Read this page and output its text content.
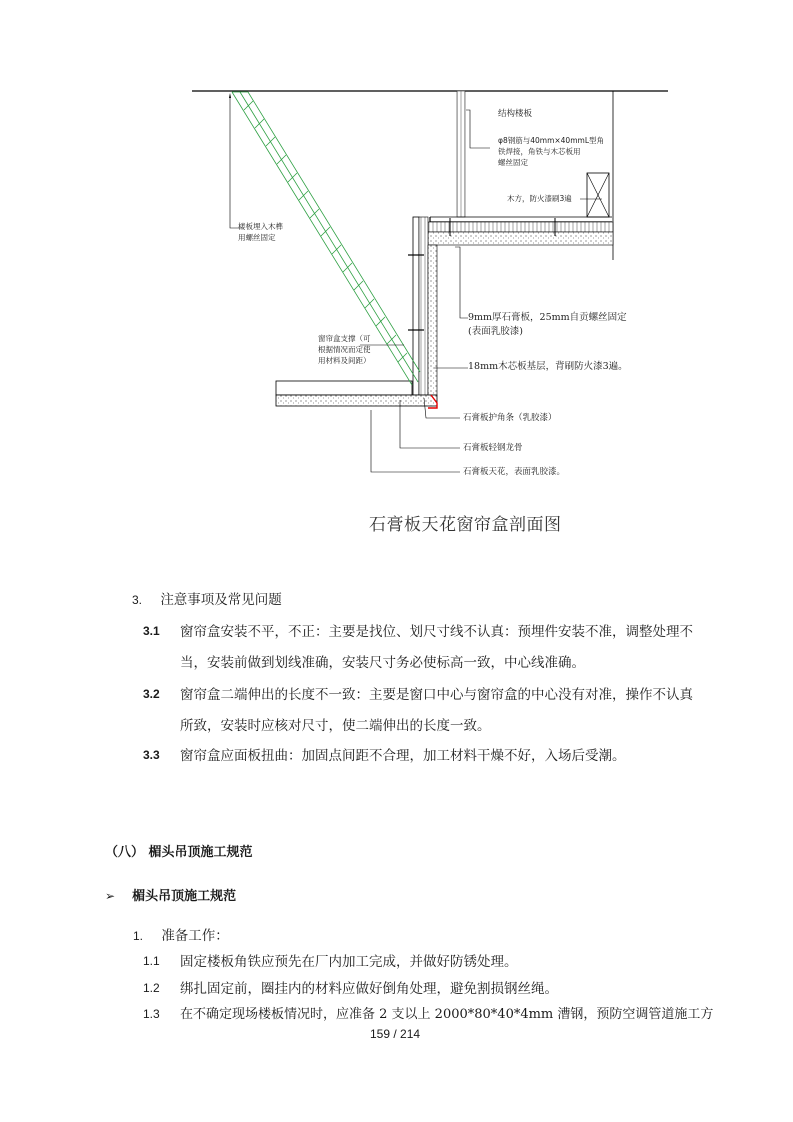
结构楼板
φ8钢筋与40mm×40mmL型角
铁焊接，角铁与木芯板用
螺丝固定
木方，防火漆刷3遍
楼板埋入木榫
用螺丝固定
窗帘盒支撑（可
根据情况而定使
用材料及间距）
9mm厚石膏板，25mm自贡螺丝固定
(表面乳胶漆)
18mm木芯板基层，背刷防火漆3遍。
石膏板护角条（乳胶漆）
石膏板轻钢龙骨
石膏板天花，表面乳胶漆。
石膏板天花窗帘盒剖面图
3. 注意事项及常见问题
3.1 窗帘盒安装不平，不正：主要是找位、划尺寸线不认真：预埋件安装不准，调整处理不
当，安装前做到划线准确，安装尺寸务必使标高一致，中心线准确。
3.2 窗帘盒二端伸出的长度不一致：主要是窗口中心与窗帘盒的中心没有对准，操作不认真
所致，安装时应核对尺寸，使二端伸出的长度一致。
3.3 窗帘盒应面板扭曲：加固点间距不合理，加工材料干燥不好，入场后受潮。
（八） 楣头吊顶施工规范
➢ 楣头吊顶施工规范
1. 准备工作：
1.1 固定楼板角铁应预先在厂内加工完成，并做好防锈处理。
1.2 绑扎固定前，圈挂内的材料应做好倒角处理，避免割损钢丝绳。
1.3 在不确定现场楼板情况时，应准备 2 支以上 2000*80*40*4mm 漕钢，预防空调管道施工方
159 / 214
